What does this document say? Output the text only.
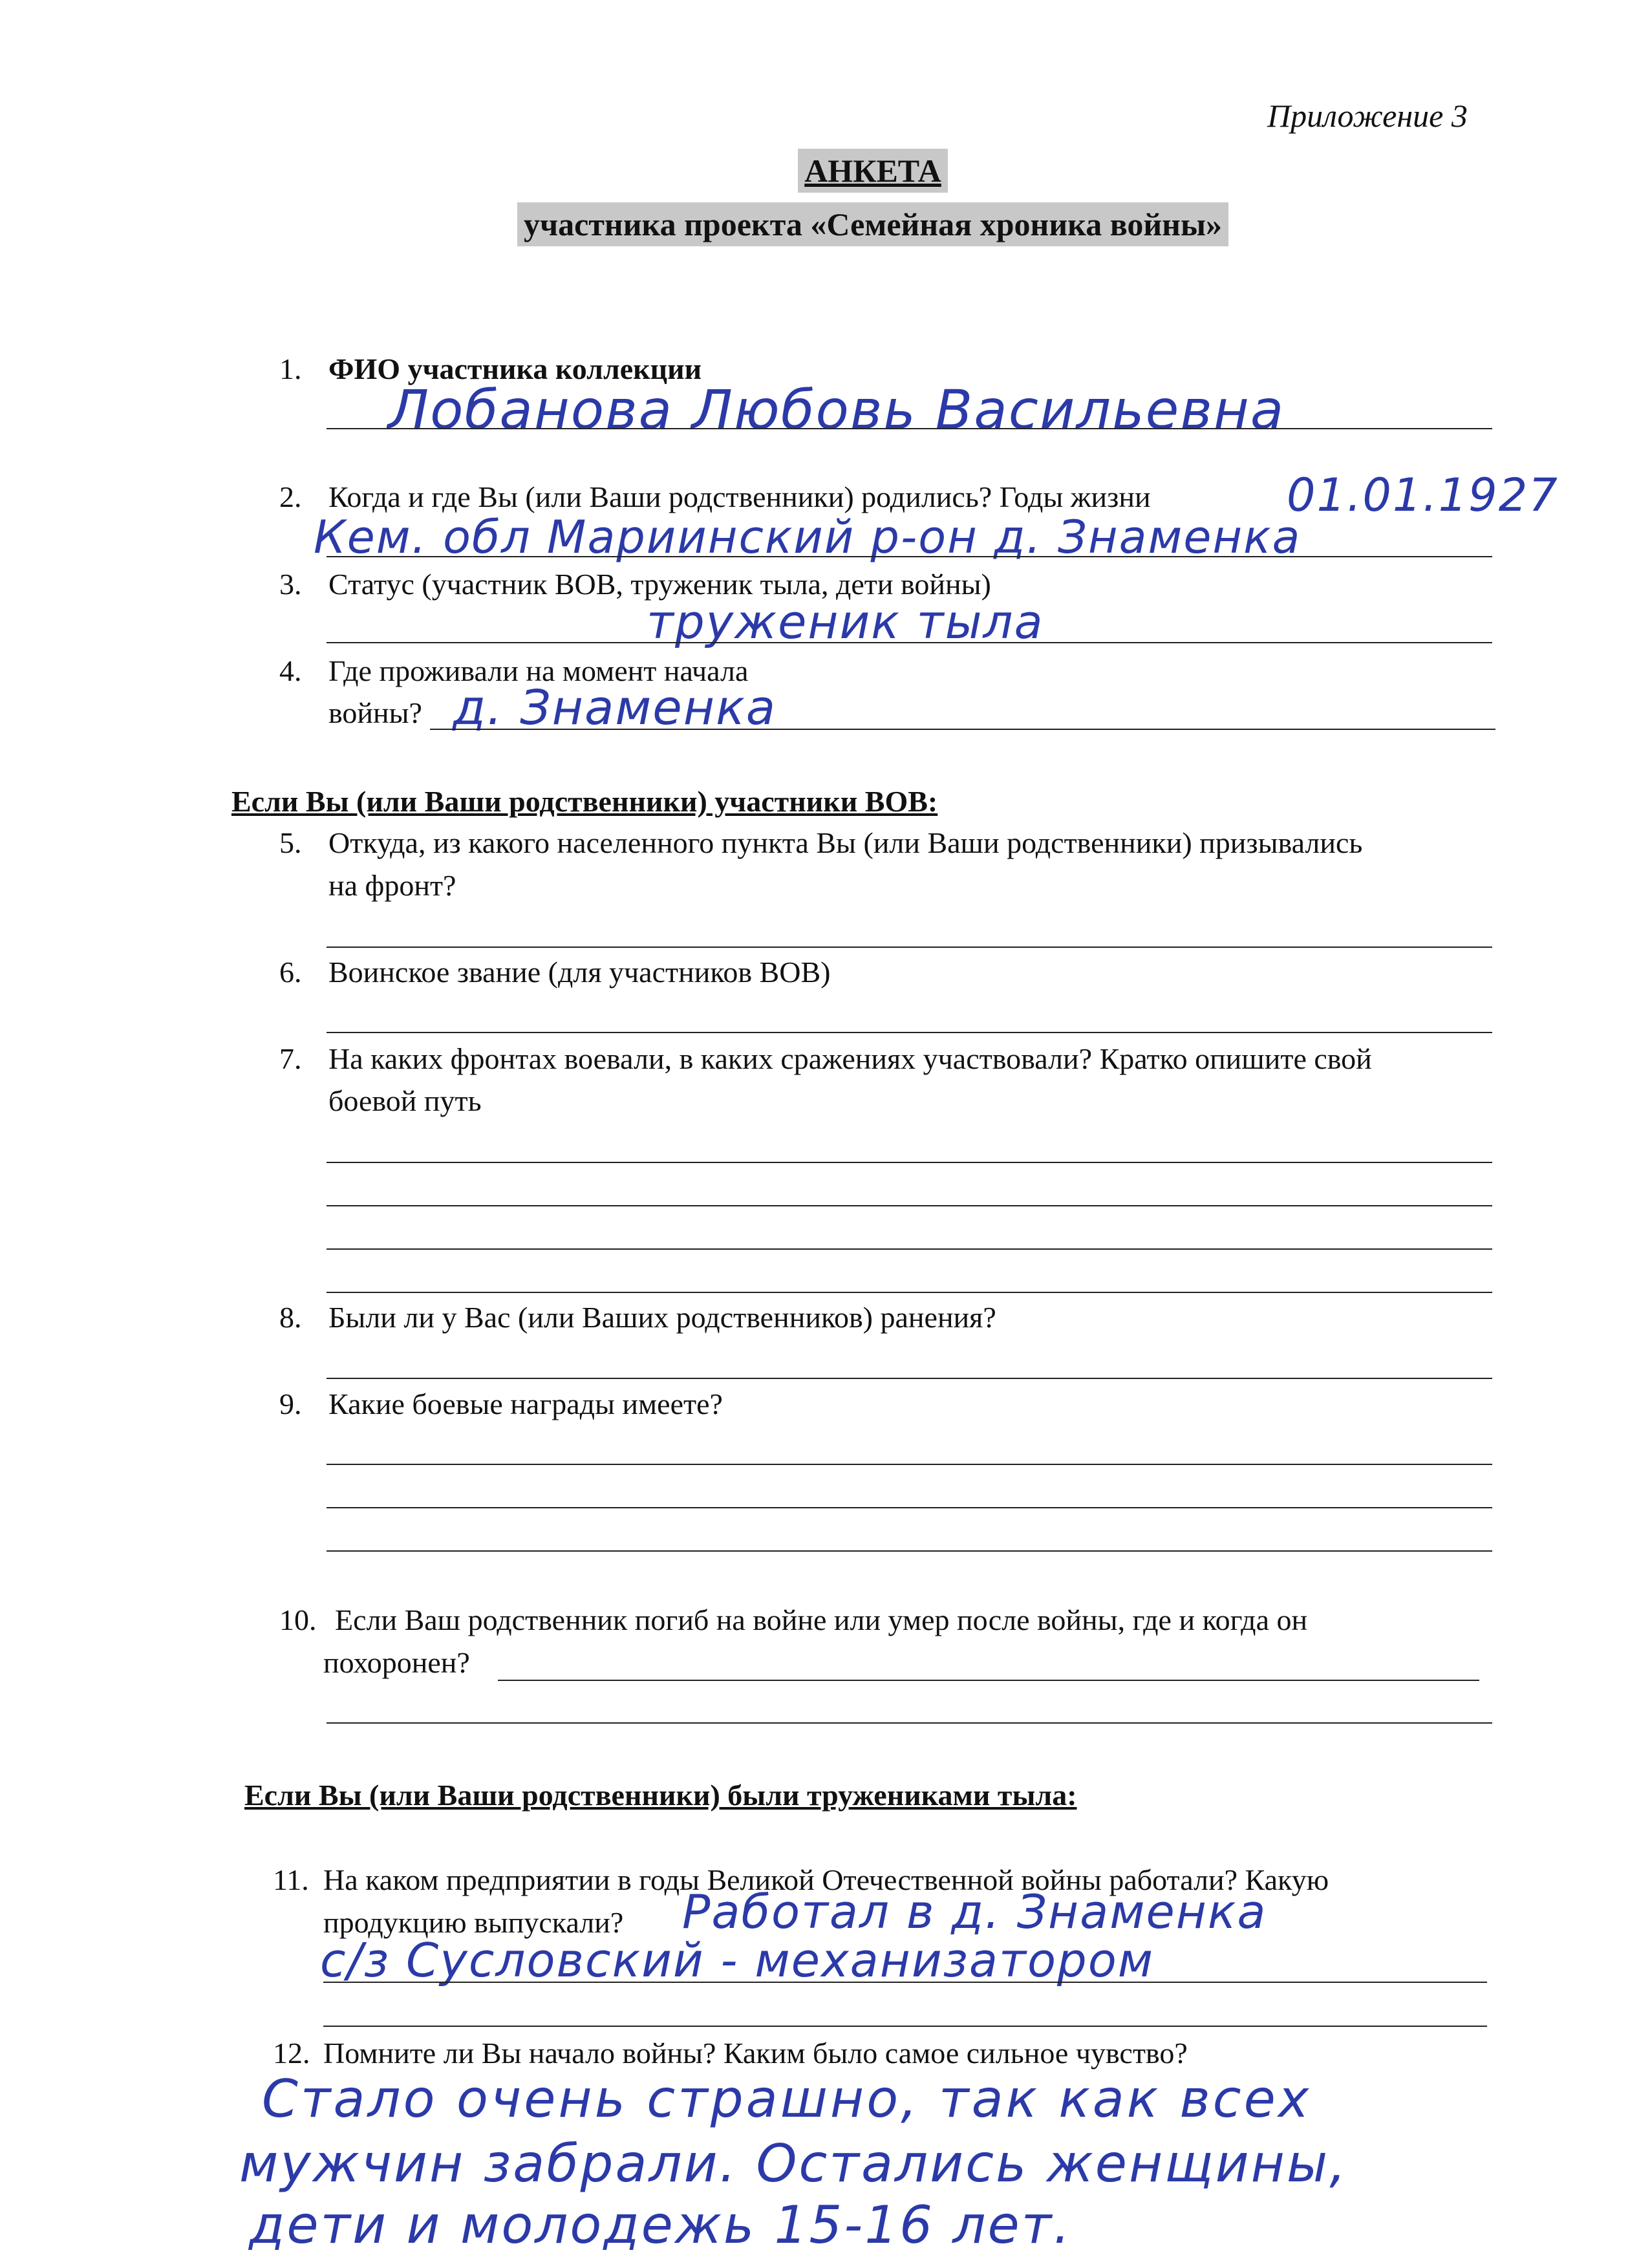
Приложение 3
АНКЕТА
участника проекта «Семейная хроника войны»
1. ФИО участника коллекции
Лобанова Любовь Васильевна
2. Когда и где Вы (или Ваши родственники) родились? Годы жизни	01.01.1927
Кем. обл Мариинский р-он д. Знаменка
3. Статус (участник ВОВ, труженик тыла, дети войны)
труженик тыла
4. Где проживали на момент начала
войны? д. Знаменка
Если Вы (или Ваши родственники) участники ВОВ:
5. Откуда, из какого населенного пункта Вы (или Ваши родственники) призывались
на фронт?
6. Воинское звание (для участников ВОВ)
7. На каких фронтах воевали, в каких сражениях участвовали? Кратко опишите свой
боевой путь
8. Были ли у Вас (или Ваших родственников) ранения?
9. Какие боевые награды имеете?
10. Если Ваш родственник погиб на войне или умер после войны, где и когда он
похоронен?
Если Вы (или Ваши родственники) были тружениками тыла:
11. На каком предприятии в годы Великой Отечественной войны работали? Какую
продукцию выпускали? Работал в д. Знаменка
с/з Сусловский - механизатором
12. Помните ли Вы начало войны? Каким было самое сильное чувство?
Стало очень страшно, так как всех
мужчин забрали. Остались женщины,
дети и молодежь 15-16 лет.
